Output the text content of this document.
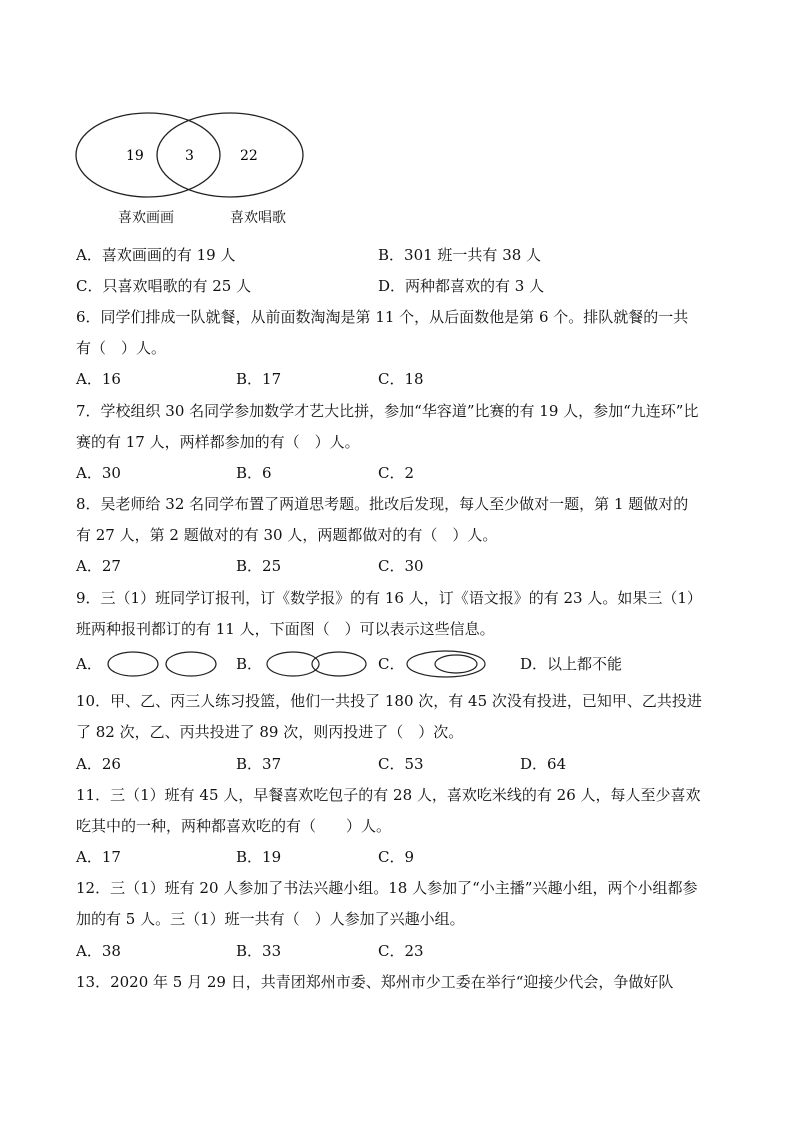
19	3	22
喜欢画画	喜欢唱歌
A．喜欢画画的有 19 人	B．301 班一共有 38 人
C．只喜欢唱歌的有 25 人	D．两种都喜欢的有 3 人
6．同学们排成一队就餐，从前面数淘淘是第 11 个，从后面数他是第 6 个。排队就餐的一共
有（　）人。
A．16	B．17	C．18
7．学校组织 30 名同学参加数学才艺大比拼，参加“华容道”比赛的有 19 人，参加“九连环”比
赛的有 17 人，两样都参加的有（　）人。
A．30	B．6	C．2
8．吴老师给 32 名同学布置了两道思考题。批改后发现，每人至少做对一题，第 1 题做对的
有 27 人，第 2 题做对的有 30 人，两题都做对的有（　）人。
A．27	B．25	C．30
9．三（1）班同学订报刊，订《数学报》的有 16 人，订《语文报》的有 23 人。如果三（1）
班两种报刊都订的有 11 人，下面图（　）可以表示这些信息。
A．	B．	C．	D．以上都不能
10．甲、乙、丙三人练习投篮，他们一共投了 180 次，有 45 次没有投进，已知甲、乙共投进
了 82 次，乙、丙共投进了 89 次，则丙投进了（　）次。
A．26	B．37	C．53	D．64
11．三（1）班有 45 人，早餐喜欢吃包子的有 28 人，喜欢吃米线的有 26 人，每人至少喜欢
吃其中的一种，两种都喜欢吃的有（　　）人。
A．17	B．19	C．9
12．三（1）班有 20 人参加了书法兴趣小组。18 人参加了“小主播”兴趣小组，两个小组都参
加的有 5 人。三（1）班一共有（　）人参加了兴趣小组。
A．38	B．33	C．23
13．2020 年 5 月 29 日，共青团郑州市委、郑州市少工委在举行“迎接少代会，争做好队
